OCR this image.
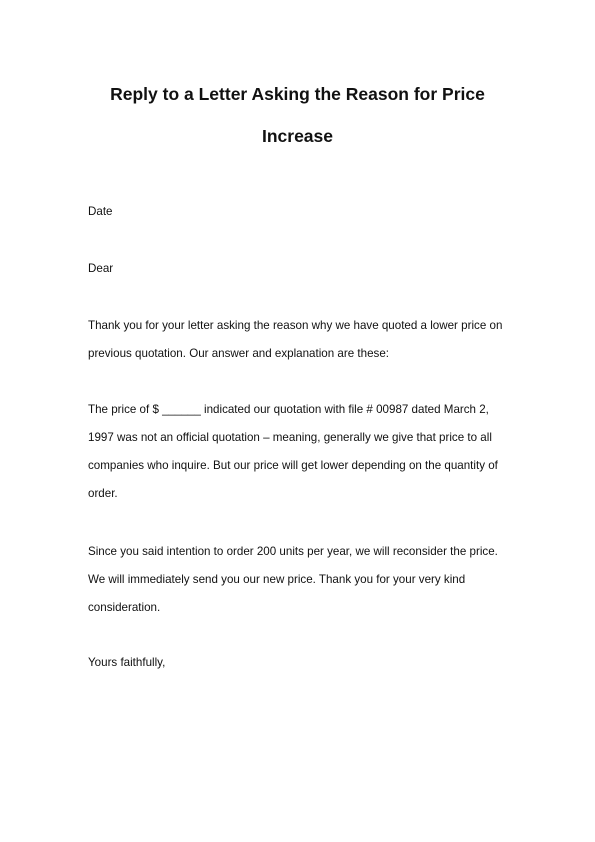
Reply to a Letter Asking the Reason for Price
Increase

Date

Dear

Thank you for your letter asking the reason why we have quoted a lower price on
previous quotation. Our answer and explanation are these:
The price of $ ______ indicated our quotation with file # 00987 dated March 2,
1997 was not an official quotation – meaning, generally we give that price to all
companies who inquire. But our price will get lower depending on the quantity of
order.
Since you said intention to order 200 units per year, we will reconsider the price.
We will immediately send you our new price. Thank you for your very kind
consideration.

Yours faithfully,
